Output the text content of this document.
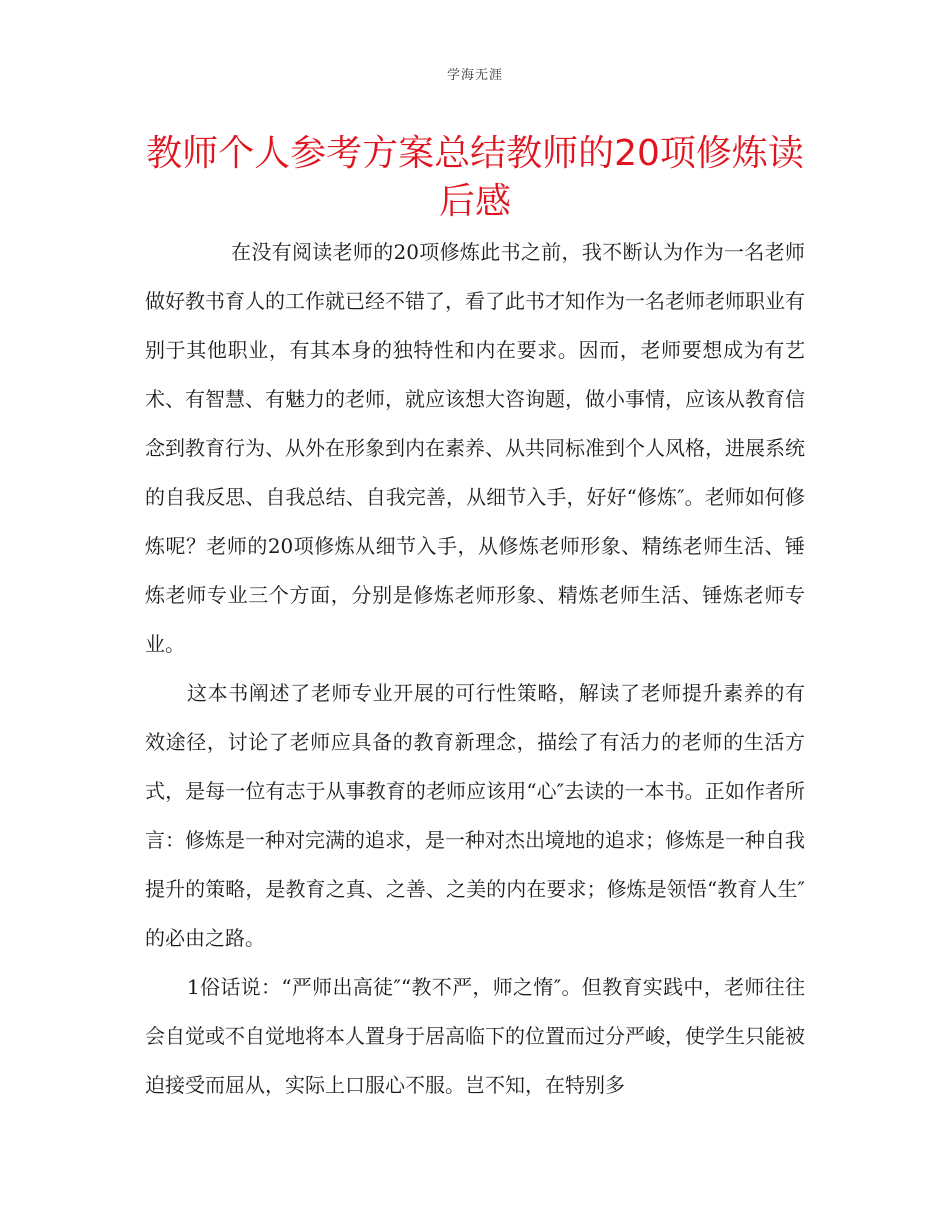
学海无涯
教师个人参考方案总结教师的20项修炼读后感

在没有阅读老师的20项修炼此书之前，我不断认为作为一名老师做好教书育人的工作就已经不错了，看了此书才知作为一名老师老师职业有别于其他职业，有其本身的独特性和内在要求。因而，老师要想成为有艺术、有智慧、有魅力的老师，就应该想大咨询题，做小事情，应该从教育信念到教育行为、从外在形象到内在素养、从共同标准到个人风格，进展系统的自我反思、自我总结、自我完善，从细节入手，好好“修炼″。老师如何修炼呢？老师的20项修炼从细节入手，从修炼老师形象、精练老师生活、锤炼老师专业三个方面，分别是修炼老师形象、精炼老师生活、锤炼老师专业。

这本书阐述了老师专业开展的可行性策略，解读了老师提升素养的有效途径，讨论了老师应具备的教育新理念，描绘了有活力的老师的生活方式，是每一位有志于从事教育的老师应该用“心″去读的一本书。正如作者所言：修炼是一种对完满的追求，是一种对杰出境地的追求；修炼是一种自我提升的策略，是教育之真、之善、之美的内在要求；修炼是领悟“教育人生″的必由之路。

1俗话说：“严师出高徒″“教不严，师之惰″。但教育实践中，老师往往会自觉或不自觉地将本人置身于居高临下的位置而过分严峻，使学生只能被迫接受而屈从，实际上口服心不服。岂不知，在特别多
